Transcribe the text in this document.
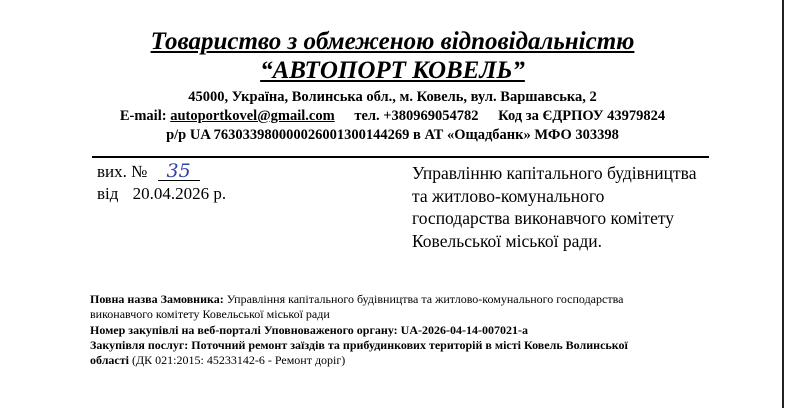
Товариство з обмеженою відповідальністю
“АВТОПОРТ КОВЕЛЬ”
45000, Україна, Волинська обл., м. Ковель, вул. Варшавська, 2
E-mail: autoportkovel@gmail.com тел. +380969054782 Код за ЄДРПОУ 43979824
р/р UA 763033980000026001300144269 в АТ «Ощадбанк» МФО 303398
вих. № 35
від 20.04.2026 р.
Управлінню капітального будівництва
та житлово-комунального
господарства виконавчого комітету
Ковельської міської ради.
Повна назва Замовника: Управління капітального будівництва та житлово-комунального господарства
виконавчого комітету Ковельської міської ради
Номер закупівлі на веб-порталі Уповноваженого органу: UA-2026-04-14-007021-a
Закупівля послуг: Поточний ремонт заїздів та прибудинкових територій в місті Ковель Волинської
області (ДК 021:2015: 45233142-6 - Ремонт доріг)
